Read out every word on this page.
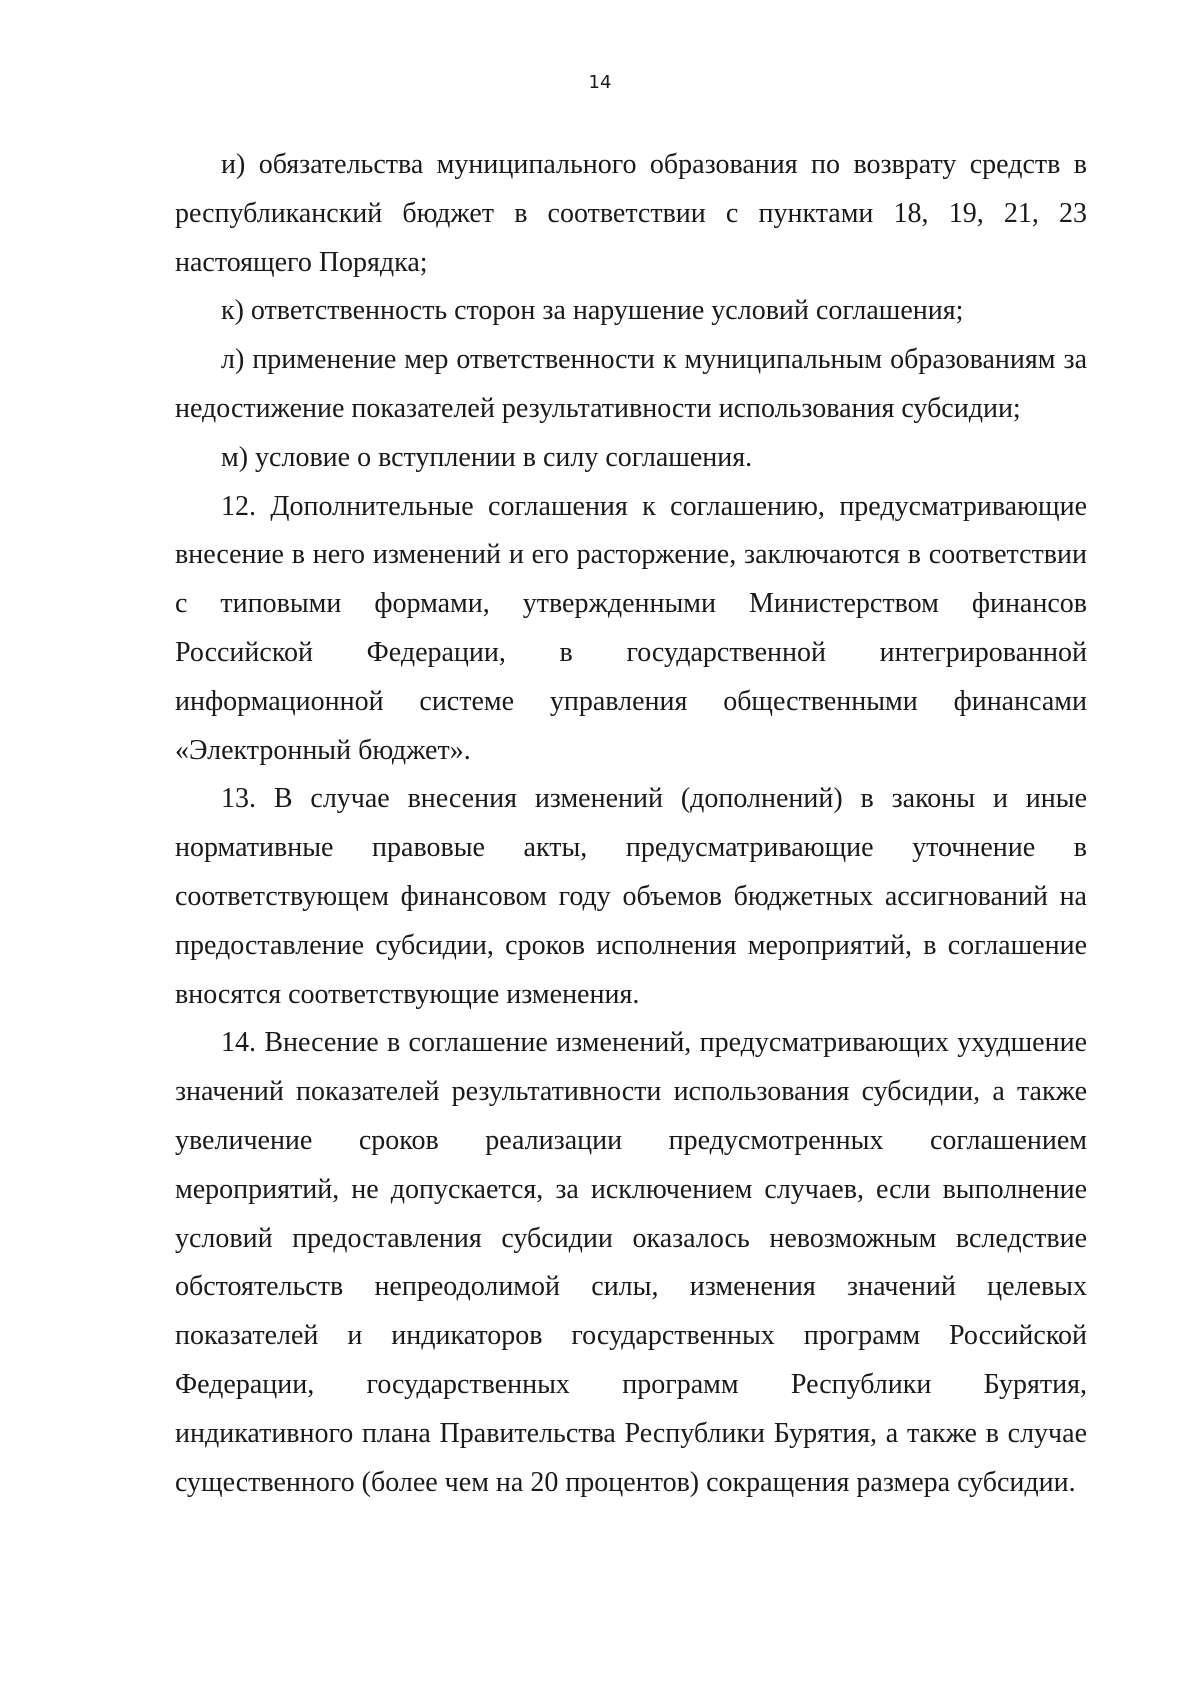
14

и) обязательства муниципального образования по возврату средств в республиканский бюджет в соответствии с пунктами 18, 19, 21, 23 настоящего Порядка;

к) ответственность сторон за нарушение условий соглашения;

л) применение мер ответственности к муниципальным образованиям за недостижение показателей результативности использования субсидии;

м) условие о вступлении в силу соглашения.

12. Дополнительные соглашения к соглашению, предусматривающие внесение в него изменений и его расторжение, заключаются в соответствии с типовыми формами, утвержденными Министерством финансов Российской Федерации, в государственной интегрированной информационной системе управления общественными финансами «Электронный бюджет».

13. В случае внесения изменений (дополнений) в законы и иные нормативные правовые акты, предусматривающие уточнение в соответствующем финансовом году объемов бюджетных ассигнований на предоставление субсидии, сроков исполнения мероприятий, в соглашение вносятся соответствующие изменения.

14. Внесение в соглашение изменений, предусматривающих ухудшение значений показателей результативности использования субсидии, а также увеличение сроков реализации предусмотренных соглашением мероприятий, не допускается, за исключением случаев, если выполнение условий предоставления субсидии оказалось невозможным вследствие обстоятельств непреодолимой силы, изменения значений целевых показателей и индикаторов государственных программ Российской Федерации, государственных программ Республики Бурятия, индикативного плана Правительства Республики Бурятия, а также в случае существенного (более чем на 20 процентов) сокращения размера субсидии.
